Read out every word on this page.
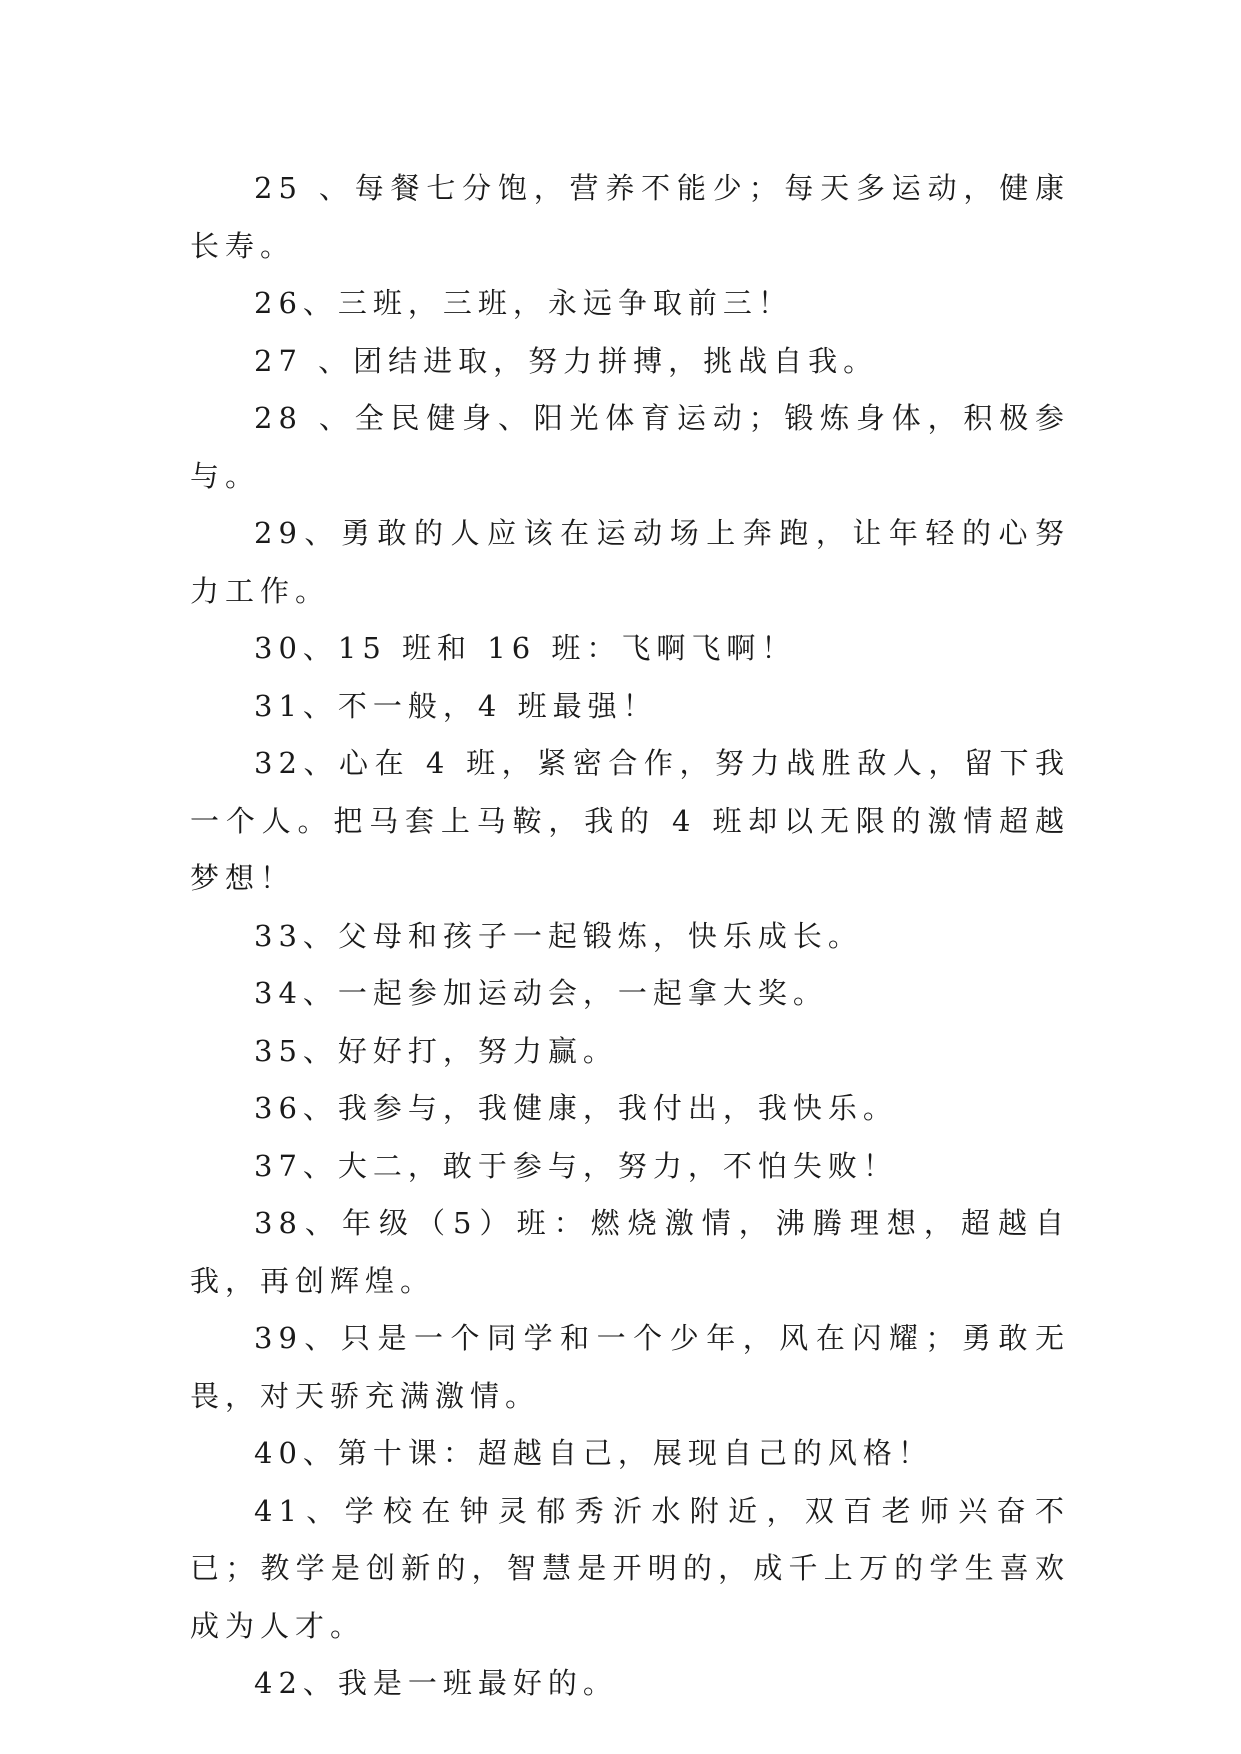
25 、每餐七分饱，营养不能少；每天多运动，健康长寿。

26、三班，三班，永远争取前三！

27 、团结进取，努力拼搏，挑战自我。

28 、全民健身、阳光体育运动；锻炼身体，积极参与。

29、勇敢的人应该在运动场上奔跑，让年轻的心努力工作。

30、15 班和 16 班：飞啊飞啊！

31、不一般，4 班最强！

32、心在 4 班，紧密合作，努力战胜敌人，留下我一个人。把马套上马鞍，我的 4 班却以无限的激情超越梦想！

33、父母和孩子一起锻炼，快乐成长。

34、一起参加运动会，一起拿大奖。

35、好好打，努力赢。

36、我参与，我健康，我付出，我快乐。

37、大二，敢于参与，努力，不怕失败！

38、年级（5）班：燃烧激情，沸腾理想，超越自我，再创辉煌。

39、只是一个同学和一个少年，风在闪耀；勇敢无畏，对天骄充满激情。

40、第十课：超越自己，展现自己的风格！

41、学校在钟灵郁秀沂水附近，双百老师兴奋不已；教学是创新的，智慧是开明的，成千上万的学生喜欢成为人才。

42、我是一班最好的。
